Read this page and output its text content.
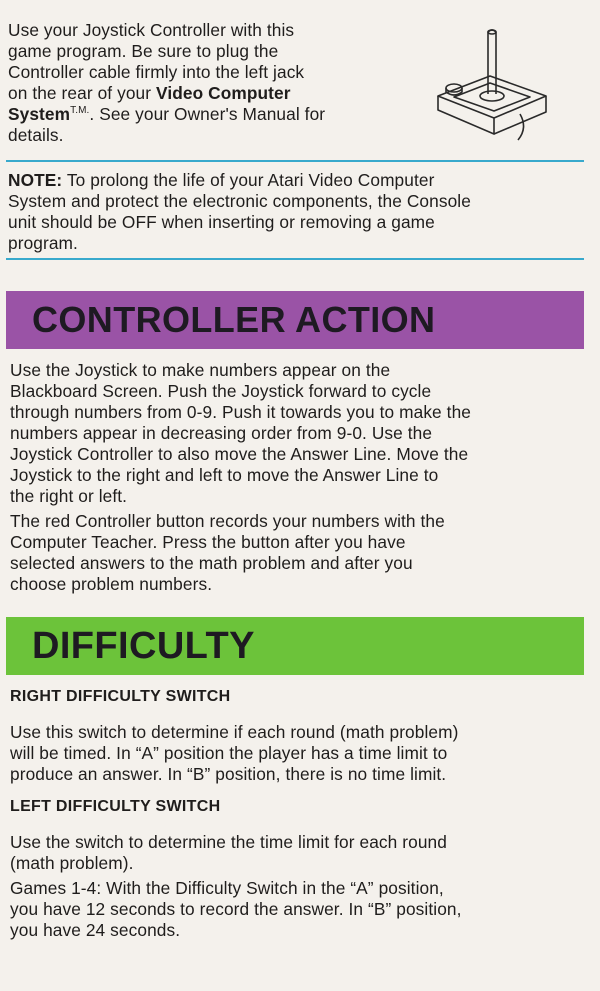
Use your Joystick Controller with this
game program. Be sure to plug the
Controller cable firmly into the left jack
on the rear of your Video Computer
System$^{T.M.}$. See your Owner's Manual for
details.
NOTE: To prolong the life of your Atari Video Computer
System and protect the electronic components, the Console
unit should be OFF when inserting or removing a game
program.
CONTROLLER ACTION
Use the Joystick to make numbers appear on the
Blackboard Screen. Push the Joystick forward to cycle
through numbers from 0-9. Push it towards you to make the
numbers appear in decreasing order from 9-0. Use the
Joystick Controller to also move the Answer Line. Move the
Joystick to the right and left to move the Answer Line to
the right or left.
The red Controller button records your numbers with the
Computer Teacher. Press the button after you have
selected answers to the math problem and after you
choose problem numbers.
DIFFICULTY
RIGHT DIFFICULTY SWITCH
Use this switch to determine if each round (math problem)
will be timed. In “A” position the player has a time limit to
produce an answer. In “B” position, there is no time limit.
LEFT DIFFICULTY SWITCH
Use the switch to determine the time limit for each round
(math problem).
Games 1-4: With the Difficulty Switch in the “A” position,
you have 12 seconds to record the answer. In “B” position,
you have 24 seconds.
